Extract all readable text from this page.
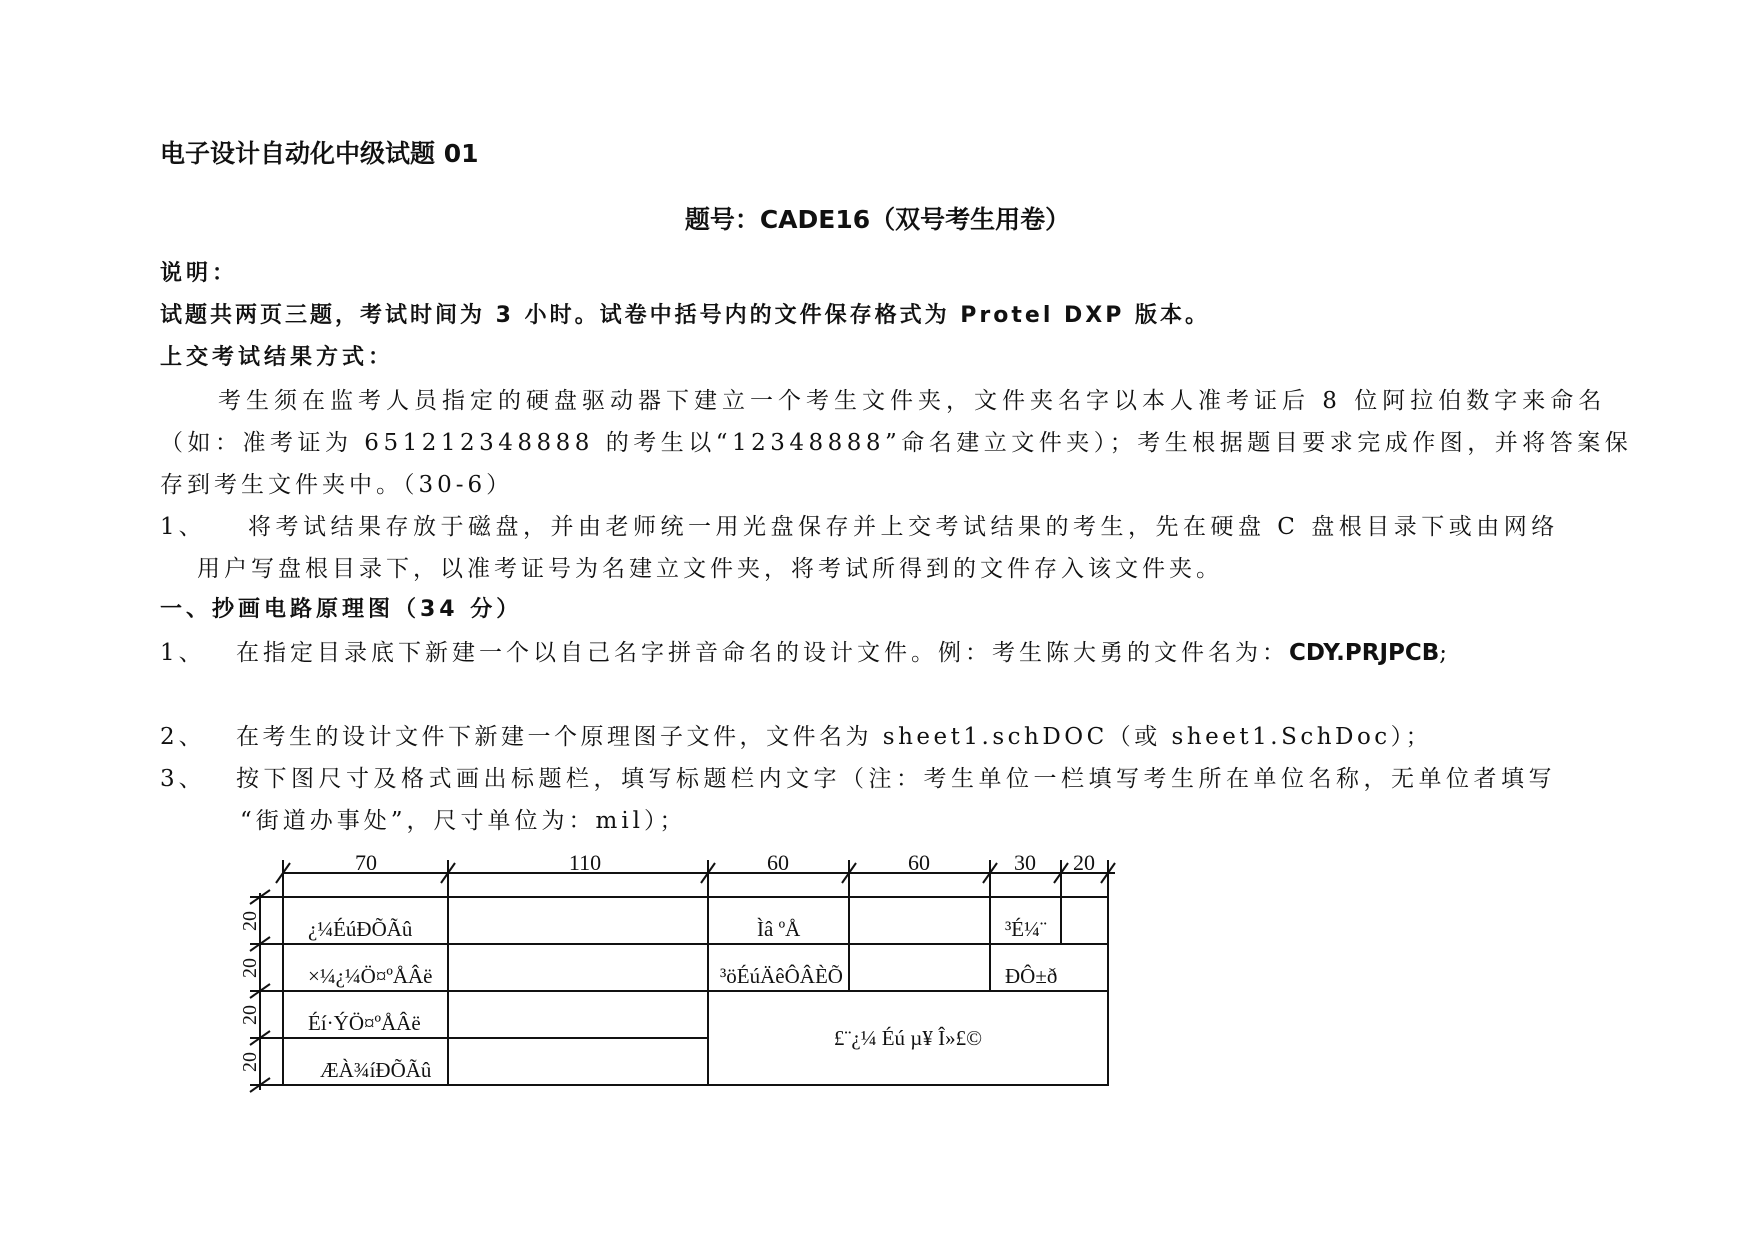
电子设计自动化中级试题 01
题号：CADE16（双号考生用卷）
说明：
试题共两页三题，考试时间为 3 小时。试卷中括号内的文件保存格式为 Protel DXP 版本。
上交考试结果方式：
考生须在监考人员指定的硬盘驱动器下建立一个考生文件夹，文件夹名字以本人准考证后 8 位阿拉伯数字来命名
（如：准考证为 651212348888 的考生以“12348888”命名建立文件夹）；考生根据题目要求完成作图，并将答案保
存到考生文件夹中。（30-6）
1、 将考试结果存放于磁盘，并由老师统一用光盘保存并上交考试结果的考生，先在硬盘 C 盘根目录下或由网络
用户写盘根目录下，以准考证号为名建立文件夹，将考试所得到的文件存入该文件夹。
一、抄画电路原理图（34 分）
1、 在指定目录底下新建一个以自己名字拼音命名的设计文件。例：考生陈大勇的文件名为：CDY.PRJPCB;
2、 在考生的设计文件下新建一个原理图子文件，文件名为 sheet1.schDOC（或 sheet1.SchDoc）；
3、 按下图尺寸及格式画出标题栏，填写标题栏内文字（注：考生单位一栏填写考生所在单位名称，无单位者填写
“街道办事处”，尺寸单位为：mil）；
70	110	60	60	30 20
20
20
20
20
¿¼ÉúÐÕÃû	Ìâ ºÅ	³É¼¨
×¼¿¼Ö¤ºÅÂë	³öÉúÄêÔÂÈÕ	ÐÔ±ð
Éí·ÝÖ¤ºÅÂë
ÆÀ¾íÐÕÃû
£¨¿¼ Éú µ¥ Î»£©
